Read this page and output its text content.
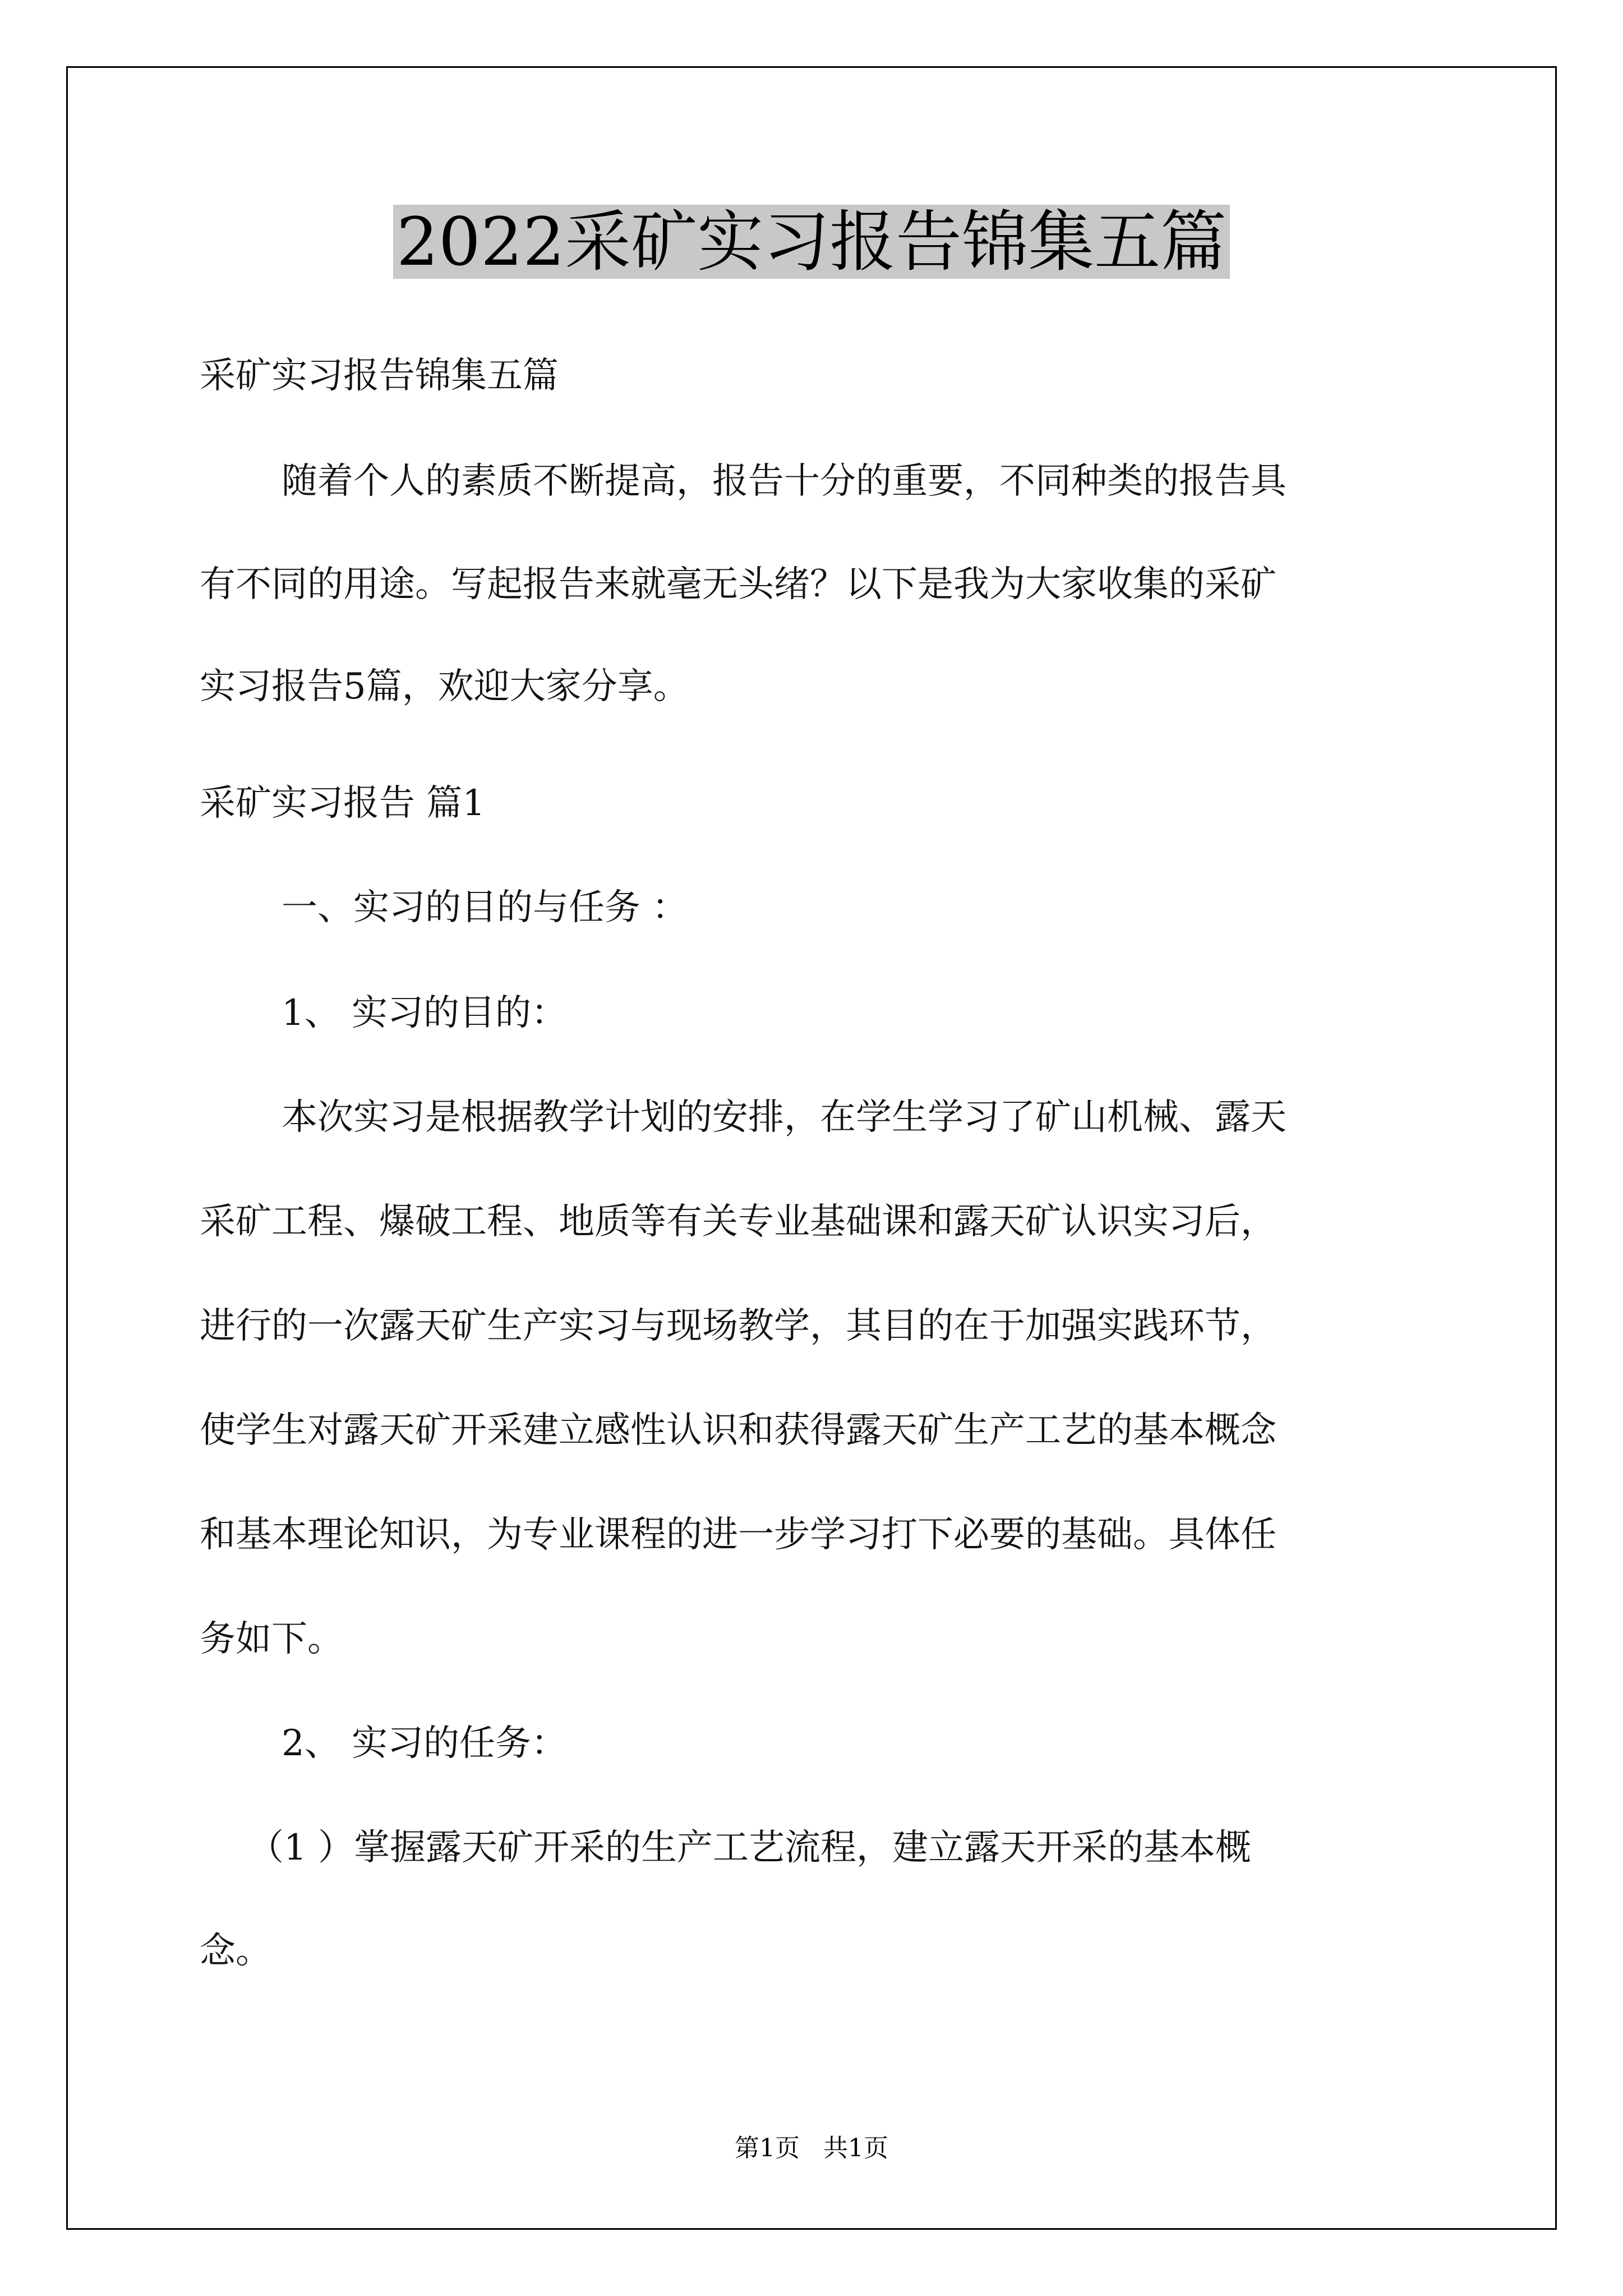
2022采矿实习报告锦集五篇
采矿实习报告锦集五篇
随着个人的素质不断提高，报告十分的重要，不同种类的报告具
有不同的用途。写起报告来就毫无头绪？以下是我为大家收集的采矿
实习报告5篇，欢迎大家分享。
采矿实习报告 篇1
一、实习的目的与任务 ：
1、 实习的目的：
本次实习是根据教学计划的安排，在学生学习了矿山机械、露天
采矿工程、爆破工程、地质等有关专业基础课和露天矿认识实习后，
进行的一次露天矿生产实习与现场教学，其目的在于加强实践环节，
使学生对露天矿开采建立感性认识和获得露天矿生产工艺的基本概念
和基本理论知识，为专业课程的进一步学习打下必要的基础。具体任
务如下。
2、 实习的任务：
（1 ）掌握露天矿开采的生产工艺流程，建立露天开采的基本概
念。
第1页   共1页
